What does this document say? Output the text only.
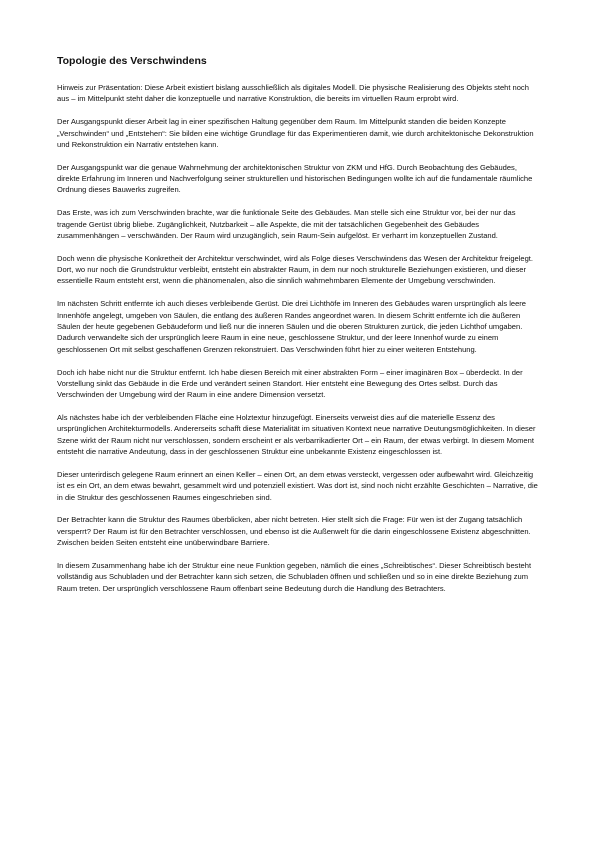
Topologie des Verschwindens

Hinweis zur Präsentation: Diese Arbeit existiert bislang ausschließlich als digitales Modell. Die physische Realisierung des Objekts steht noch aus – im Mittelpunkt steht daher die konzeptuelle und narrative Konstruktion, die bereits im virtuellen Raum erprobt wird.

Der Ausgangspunkt dieser Arbeit lag in einer spezifischen Haltung gegenüber dem Raum. Im Mittelpunkt standen die beiden Konzepte „Verschwinden“ und „Entstehen“: Sie bilden eine wichtige Grundlage für das Experimentieren damit, wie durch architektonische Dekonstruktion und Rekonstruktion ein Narrativ entstehen kann.

Der Ausgangspunkt war die genaue Wahrnehmung der architektonischen Struktur von ZKM und HfG. Durch Beobachtung des Gebäudes, direkte Erfahrung im Inneren und Nachverfolgung seiner strukturellen und historischen Bedingungen wollte ich auf die fundamentale räumliche Ordnung dieses Bauwerks zugreifen.

Das Erste, was ich zum Verschwinden brachte, war die funktionale Seite des Gebäudes. Man stelle sich eine Struktur vor, bei der nur das tragende Gerüst übrig bliebe. Zugänglichkeit, Nutzbarkeit – alle Aspekte, die mit der tatsächlichen Gegebenheit des Gebäudes zusammenhängen – verschwänden. Der Raum wird unzugänglich, sein Raum-Sein aufgelöst. Er verharrt im konzeptuellen Zustand.

Doch wenn die physische Konkretheit der Architektur verschwindet, wird als Folge dieses Verschwindens das Wesen der Architektur freigelegt. Dort, wo nur noch die Grundstruktur verbleibt, entsteht ein abstrakter Raum, in dem nur noch strukturelle Beziehungen existieren, und dieser essentielle Raum entsteht erst, wenn die phänomenalen, also die sinnlich wahrnehmbaren Elemente der Umgebung verschwinden.

Im nächsten Schritt entfernte ich auch dieses verbleibende Gerüst. Die drei Lichthöfe im Inneren des Gebäudes waren ursprünglich als leere Innenhöfe angelegt, umgeben von Säulen, die entlang des äußeren Randes angeordnet waren. In diesem Schritt entfernte ich die äußeren Säulen der heute gegebenen Gebäudeform und ließ nur die inneren Säulen und die oberen Strukturen zurück, die jeden Lichthof umgaben. Dadurch verwandelte sich der ursprünglich leere Raum in eine neue, geschlossene Struktur, und der leere Innenhof wurde zu einem geschlossenen Ort mit selbst geschaffenen Grenzen rekonstruiert. Das Verschwinden führt hier zu einer weiteren Entstehung.

Doch ich habe nicht nur die Struktur entfernt. Ich habe diesen Bereich mit einer abstrakten Form – einer imaginären Box – überdeckt. In der Vorstellung sinkt das Gebäude in die Erde und verändert seinen Standort. Hier entsteht eine Bewegung des Ortes selbst. Durch das Verschwinden der Umgebung wird der Raum in eine andere Dimension versetzt.

Als nächstes habe ich der verbleibenden Fläche eine Holztextur hinzugefügt. Einerseits verweist dies auf die materielle Essenz des ursprünglichen Architekturmodells. Andererseits schafft diese Materialität im situativen Kontext neue narrative Deutungsmöglichkeiten. In dieser Szene wirkt der Raum nicht nur verschlossen, sondern erscheint er als verbarrikadierter Ort – ein Raum, der etwas verbirgt. In diesem Moment entsteht die narrative Andeutung, dass in der geschlossenen Struktur eine unbekannte Existenz eingeschlossen ist.

Dieser unterirdisch gelegene Raum erinnert an einen Keller – einen Ort, an dem etwas versteckt, vergessen oder aufbewahrt wird. Gleichzeitig ist es ein Ort, an dem etwas bewahrt, gesammelt wird und potenziell existiert. Was dort ist, sind noch nicht erzählte Geschichten – Narrative, die in die Struktur des geschlossenen Raumes eingeschrieben sind.

Der Betrachter kann die Struktur des Raumes überblicken, aber nicht betreten. Hier stellt sich die Frage: Für wen ist der Zugang tatsächlich versperrt? Der Raum ist für den Betrachter verschlossen, und ebenso ist die Außenwelt für die darin eingeschlossene Existenz abgeschnitten. Zwischen beiden Seiten entsteht eine unüberwindbare Barriere.

In diesem Zusammenhang habe ich der Struktur eine neue Funktion gegeben, nämlich die eines „Schreibtisches“. Dieser Schreibtisch besteht vollständig aus Schubladen und der Betrachter kann sich setzen, die Schubladen öffnen und schließen und so in eine direkte Beziehung zum Raum treten. Der ursprünglich verschlossene Raum offenbart seine Bedeutung durch die Handlung des Betrachters.
